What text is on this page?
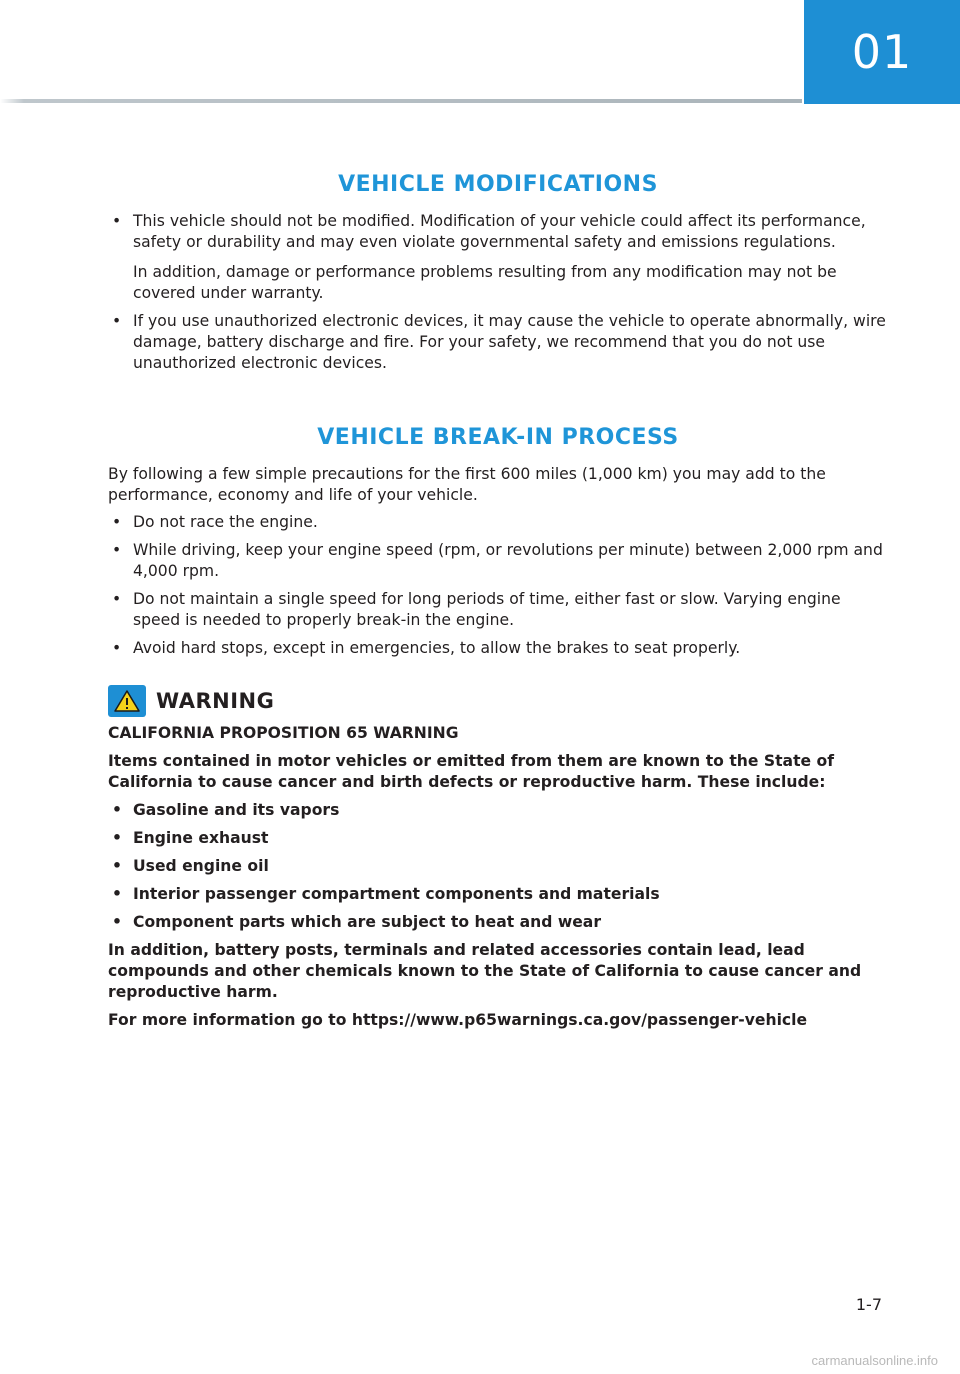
01
VEHICLE MODIFICATIONS
• This vehicle should not be modified. Modification of your vehicle could affect its performance, safety or durability and may even violate governmental safety and emissions regulations.
In addition, damage or performance problems resulting from any modification may not be covered under warranty.
• If you use unauthorized electronic devices, it may cause the vehicle to operate abnormally, wire damage, battery discharge and fire. For your safety, we recommend that you do not use unauthorized electronic devices.
VEHICLE BREAK-IN PROCESS

By following a few simple precautions for the first 600 miles (1,000 km) you may add to the performance, economy and life of your vehicle.

• Do not race the engine.
• While driving, keep your engine speed (rpm, or revolutions per minute) between 2,000 rpm and 4,000 rpm.
• Do not maintain a single speed for long periods of time, either fast or slow. Varying engine speed is needed to properly break-in the engine.
• Avoid hard stops, except in emergencies, to allow the brakes to seat properly.
WARNING

CALIFORNIA PROPOSITION 65 WARNING

Items contained in motor vehicles or emitted from them are known to the State of California to cause cancer and birth defects or reproductive harm. These include:

• Gasoline and its vapors
• Engine exhaust
• Used engine oil
• Interior passenger compartment components and materials
• Component parts which are subject to heat and wear

In addition, battery posts, terminals and related accessories contain lead, lead compounds and other chemicals known to the State of California to cause cancer and reproductive harm.

For more information go to https://www.p65warnings.ca.gov/passenger-vehicle

1-7
carmanualsonline.info
